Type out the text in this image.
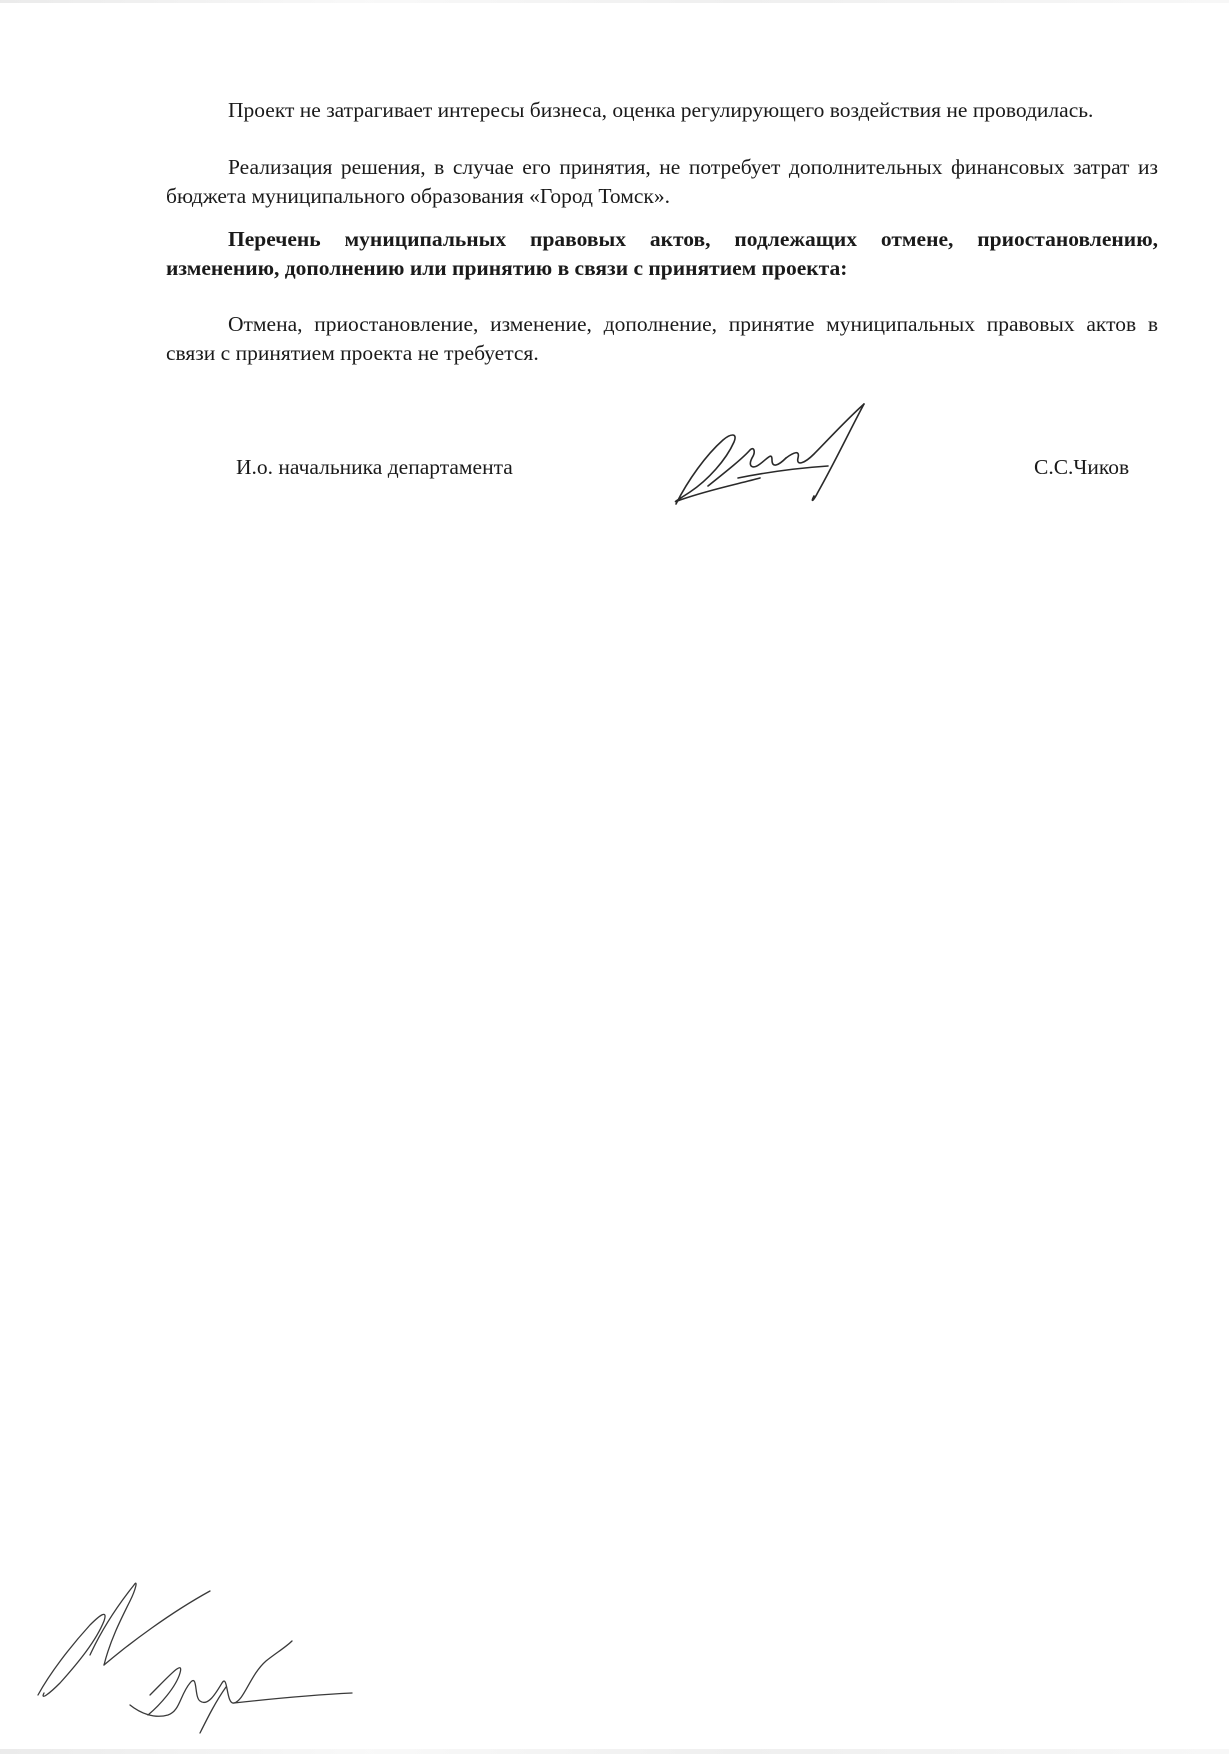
Проект не затрагивает интересы бизнеса, оценка регулирующего воздействия не проводилась.

Реализация решения, в случае его принятия, не потребует дополнительных финансовых затрат из бюджета муниципального образования «Город Томск».

Перечень муниципальных правовых актов, подлежащих отмене, приостановлению, изменению, дополнению или принятию в связи с принятием проекта:

Отмена, приостановление, изменение, дополнение, принятие муниципальных правовых актов в связи с принятием проекта не требуется.

И.о. начальника департамента	С.С.Чиков
